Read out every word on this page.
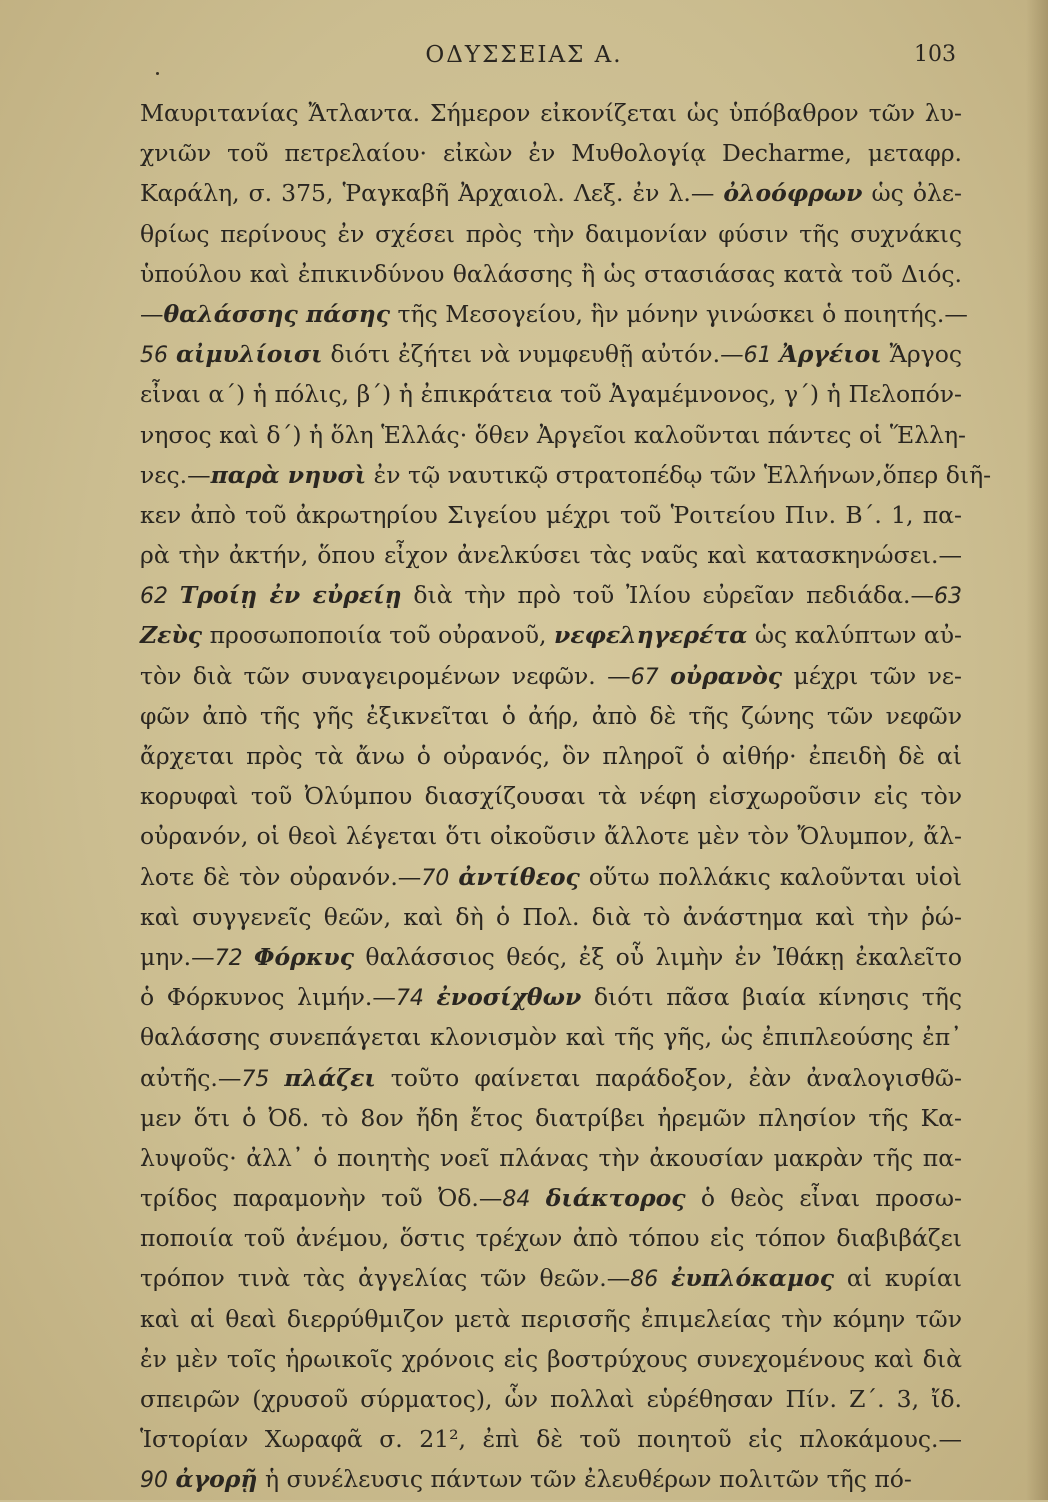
ΟΔΥΣΣΕΙΑΣ Α.	103
Μαυριτανίας Ἄτλαντα. Σήμερον εἰκονίζεται ὡς ὑπόβαθρον τῶν λυ-
χνιῶν τοῦ πετρελαίου· εἰκὼν ἐν Μυθολογίᾳ Decharme, μεταφρ.
Καράλη, σ. 375, Ῥαγκαβῆ Ἀρχαιολ. Λεξ. ἐν λ.— ὀλοόφρων ὡς ὀλε-
θρίως περίνους ἐν σχέσει πρὸς τὴν δαιμονίαν φύσιν τῆς συχνάκις
ὑπούλου καὶ ἐπικινδύνου θαλάσσης ἢ ὡς στασιάσας κατὰ τοῦ Διός.
—θαλάσσης πάσης τῆς Μεσογείου, ἣν μόνην γινώσκει ὁ ποιητής.—
56 αἰμυλίοισι διότι ἐζήτει νὰ νυμφευθῇ αὐτόν.—61 Ἀργέιοι Ἄργος
εἶναι α΄) ἡ πόλις, β΄) ἡ ἐπικράτεια τοῦ Ἀγαμέμνονος, γ΄) ἡ Πελοπόν-
νησος καὶ δ΄) ἡ ὅλη Ἑλλάς· ὅθεν Ἀργεῖοι καλοῦνται πάντες οἱ Ἕλλη-
νες.—παρὰ νηυσὶ ἐν τῷ ναυτικῷ στρατοπέδῳ τῶν Ἑλλήνων,ὅπερ διῆ-
κεν ἀπὸ τοῦ ἀκρωτηρίου Σιγείου μέχρι τοῦ Ῥοιτείου Πιν. Β΄. 1, πα-
ρὰ τὴν ἀκτήν, ὅπου εἶχον ἀνελκύσει τὰς ναῦς καὶ κατασκηνώσει.—
62 Τροίῃ ἐν εὐρείῃ διὰ τὴν πρὸ τοῦ Ἰλίου εὐρεῖαν πεδιάδα.—63
Ζεὺς προσωποποιία τοῦ οὐρανοῦ, νεφεληγερέτα ὡς καλύπτων αὐ-
τὸν διὰ τῶν συναγειρομένων νεφῶν. —67 οὐρανὸς μέχρι τῶν νε-
φῶν ἀπὸ τῆς γῆς ἐξικνεῖται ὁ ἀήρ, ἀπὸ δὲ τῆς ζώνης τῶν νεφῶν
ἄρχεται πρὸς τὰ ἄνω ὁ οὐρανός, ὃν πληροῖ ὁ αἰθήρ· ἐπειδὴ δὲ αἱ
κορυφαὶ τοῦ Ὀλύμπου διασχίζουσαι τὰ νέφη εἰσχωροῦσιν εἰς τὸν
οὐρανόν, οἱ θεοὶ λέγεται ὅτι οἰκοῦσιν ἄλλοτε μὲν τὸν Ὄλυμπον, ἄλ-
λοτε δὲ τὸν οὐρανόν.—70 ἀντίθεος οὕτω πολλάκις καλοῦνται υἱοὶ
καὶ συγγενεῖς θεῶν, καὶ δὴ ὁ Πολ. διὰ τὸ ἀνάστημα καὶ τὴν ῥώ-
μην.—72 Φόρκυς θαλάσσιος θεός, ἐξ οὗ λιμὴν ἐν Ἰθάκῃ ἐκαλεῖτο
ὁ Φόρκυνος λιμήν.—74 ἐνοσίχθων διότι πᾶσα βιαία κίνησις τῆς
θαλάσσης συνεπάγεται κλονισμὸν καὶ τῆς γῆς, ὡς ἐπιπλεούσης ἐπ᾽
αὐτῆς.—75 πλάζει τοῦτο φαίνεται παράδοξον, ἐὰν ἀναλογισθῶ-
μεν ὅτι ὁ Ὀδ. τὸ 8ον ἤδη ἔτος διατρίβει ἠρεμῶν πλησίον τῆς Κα-
λυψοῦς· ἀλλ᾽ ὁ ποιητὴς νοεῖ πλάνας τὴν ἀκουσίαν μακρὰν τῆς πα-
τρίδος παραμονὴν τοῦ Ὀδ.—84 διάκτορος ὁ θεὸς εἶναι προσω-
ποποιία τοῦ ἀνέμου, ὅστις τρέχων ἀπὸ τόπου εἰς τόπον διαβιβάζει
τρόπον τινὰ τὰς ἀγγελίας τῶν θεῶν.—86 ἐυπλόκαμος αἱ κυρίαι
καὶ αἱ θεαὶ διερρύθμιζον μετὰ περισσῆς ἐπιμελείας τὴν κόμην τῶν
ἐν μὲν τοῖς ἡρωικοῖς χρόνοις εἰς βοστρύχους συνεχομένους καὶ διὰ
σπειρῶν (χρυσοῦ σύρματος), ὧν πολλαὶ εὑρέθησαν Πίν. Ζ΄. 3, ἴδ.
Ἱστορίαν Χωραφᾶ σ. 21², ἐπὶ δὲ τοῦ ποιητοῦ εἰς πλοκάμους.—
90 ἀγορῇ ἡ συνέλευσις πάντων τῶν ἐλευθέρων πολιτῶν τῆς πό-
